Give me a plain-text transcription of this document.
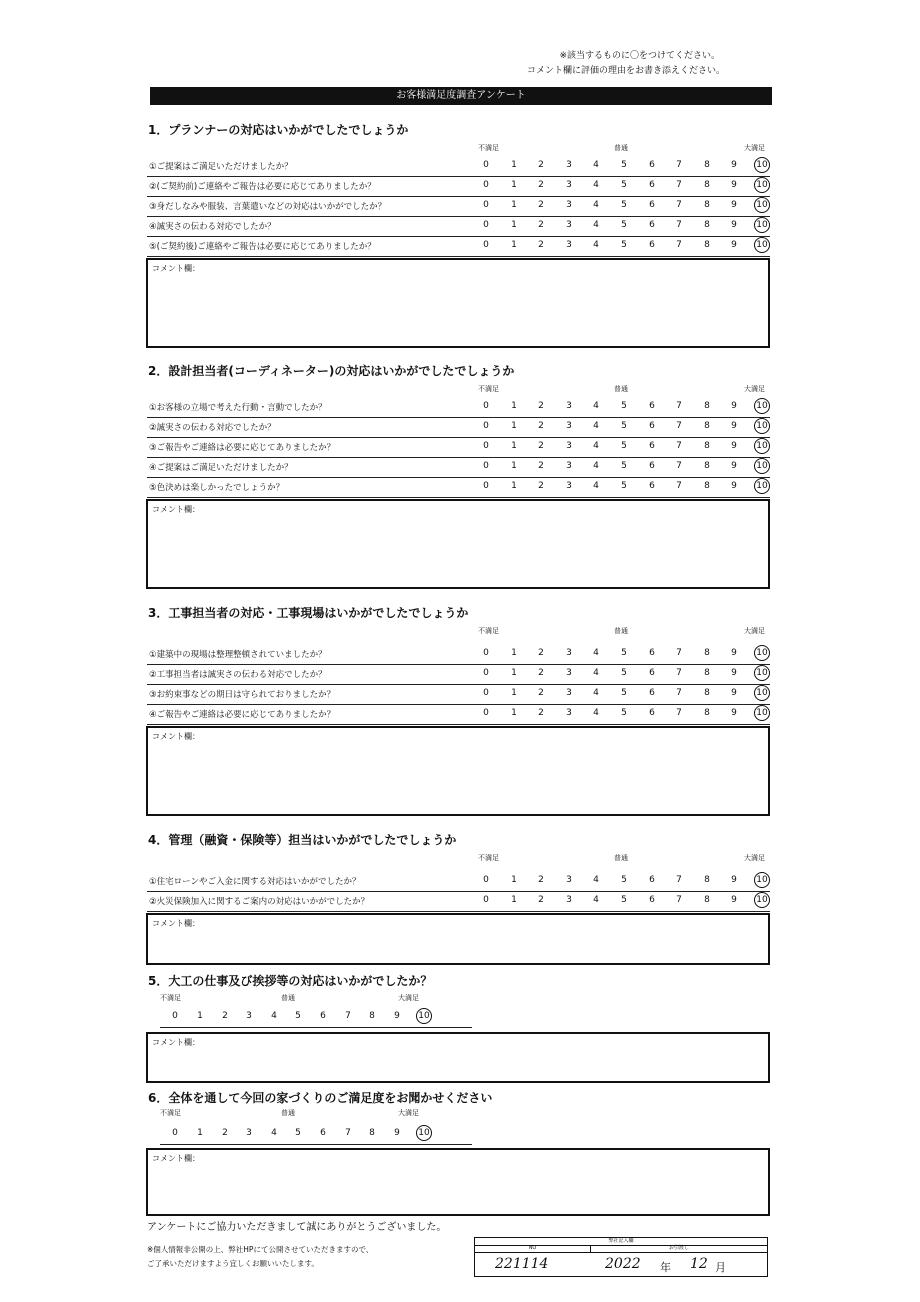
※該当するものに〇をつけてください。
コメント欄に評価の理由をお書き添えください。
お客様満足度調査アンケート
1．プランナーの対応はいかがでしたでしょうか
不満足	普通	大満足
①ご提案はご満足いただけましたか？	0	1	2	3	4	5	6	7	8	9	10
②(ご契約前)ご連絡やご報告は必要に応じてありましたか？	0	1	2	3	4	5	6	7	8	9	10
③身だしなみや服装、言葉遣いなどの対応はいかがでしたか？	0	1	2	3	4	5	6	7	8	9	10
④誠実さの伝わる対応でしたか？	0	1	2	3	4	5	6	7	8	9	10
⑤(ご契約後)ご連絡やご報告は必要に応じてありましたか？	0	1	2	3	4	5	6	7	8	9	10
コメント欄：
2．設計担当者(コーディネーター)の対応はいかがでしたでしょうか
不満足	普通	大満足
①お客様の立場で考えた行動・言動でしたか？	0	1	2	3	4	5	6	7	8	9	10
②誠実さの伝わる対応でしたか？	0	1	2	3	4	5	6	7	8	9	10
③ご報告やご連絡は必要に応じてありましたか？	0	1	2	3	4	5	6	7	8	9	10
④ご提案はご満足いただけましたか？	0	1	2	3	4	5	6	7	8	9	10
⑤色決めは楽しかったでしょうか？	0	1	2	3	4	5	6	7	8	9	10
コメント欄：
3．工事担当者の対応・工事現場はいかがでしたでしょうか
不満足	普通	大満足
①建築中の現場は整理整頓されていましたか？	0	1	2	3	4	5	6	7	8	9	10
②工事担当者は誠実さの伝わる対応でしたか？	0	1	2	3	4	5	6	7	8	9	10
③お約束事などの期日は守られておりましたか？	0	1	2	3	4	5	6	7	8	9	10
④ご報告やご連絡は必要に応じてありましたか？	0	1	2	3	4	5	6	7	8	9	10
コメント欄：
4．管理（融資・保険等）担当はいかがでしたでしょうか
不満足	普通	大満足
①住宅ローンやご入金に関する対応はいかがでしたか？	0	1	2	3	4	5	6	7	8	9	10
②火災保険加入に関するご案内の対応はいかがでしたか？	0	1	2	3	4	5	6	7	8	9	10
コメント欄：
5．大工の仕事及び挨拶等の対応はいかがでしたか？
不満足	普通	大満足
0	1	2	3	4	5	6	7	8	9	10
コメント欄：
6．全体を通して今回の家づくりのご満足度をお聞かせください
不満足	普通	大満足
0	1	2	3	4	5	6	7	8	9	10
コメント欄：
アンケートにご協力いただきまして誠にありがとうございました。
※個人情報非公開の上、弊社HPにて公開させていただきますので、
ご了承いただけますよう宜しくお願いいたします。
弊社記入欄
NO	お引渡し
221114	2022 年 12 月
